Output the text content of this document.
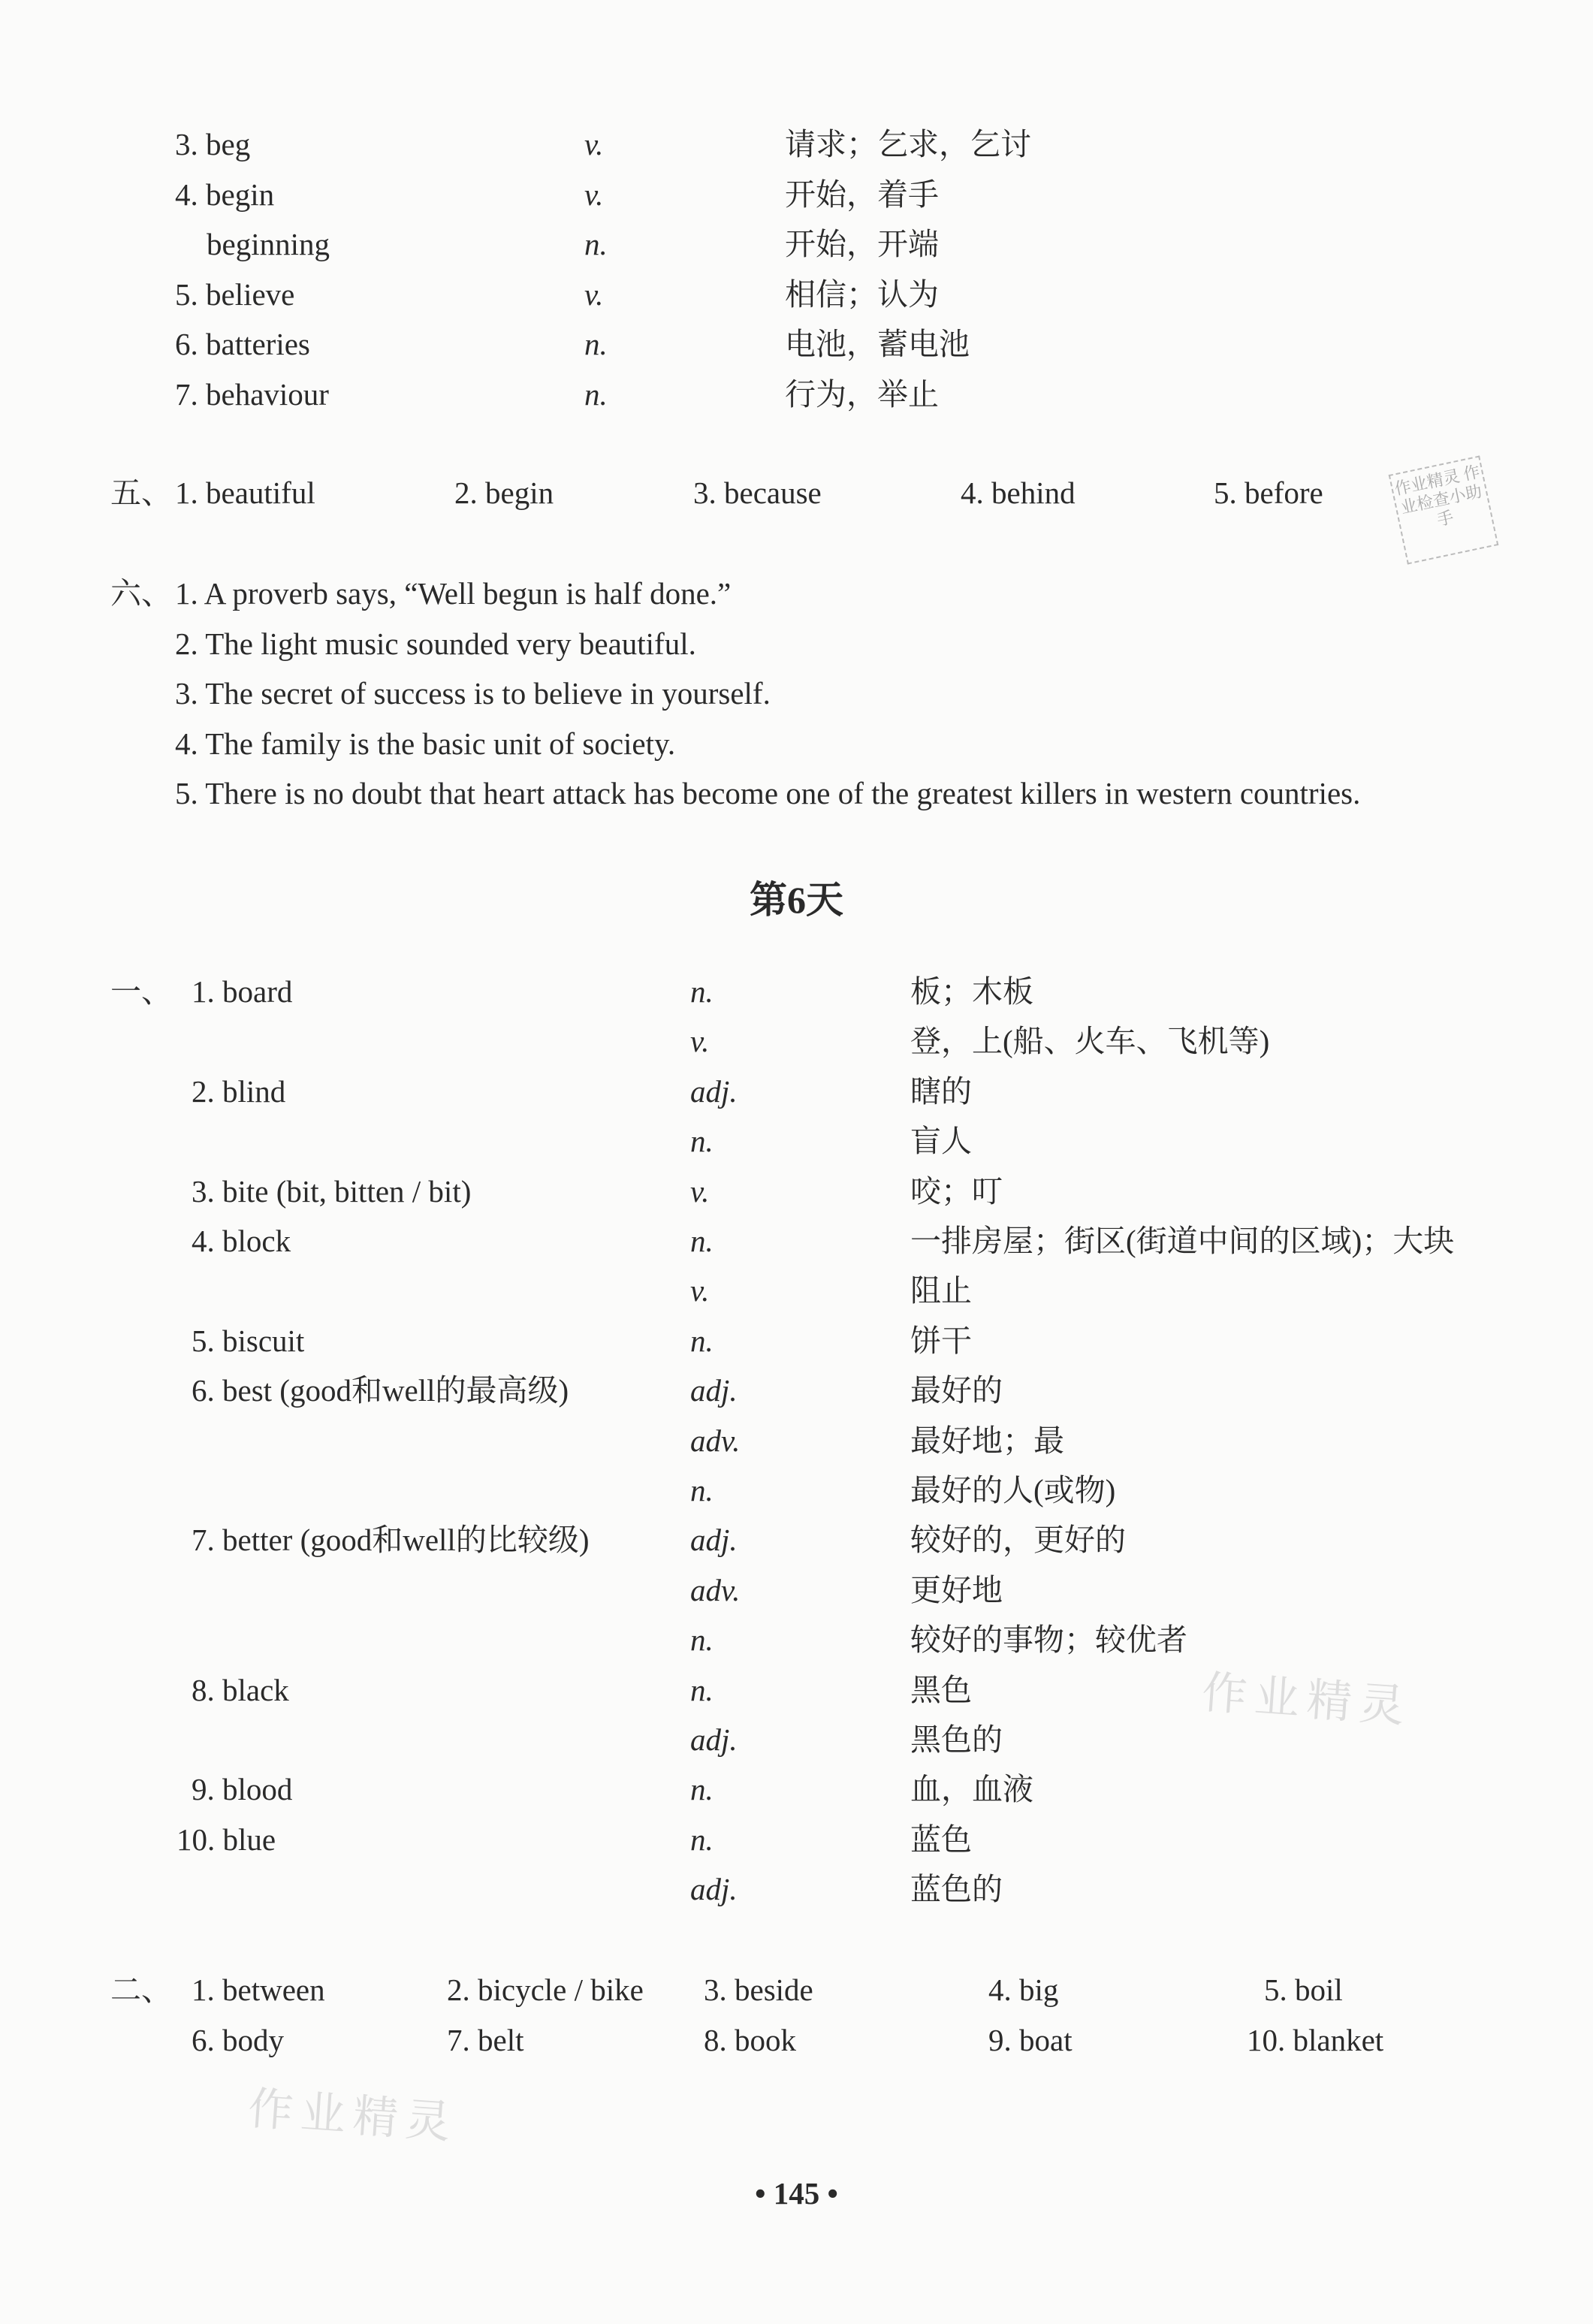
3. beg	v.	请求；乞求，乞讨
4. begin	v.	开始，着手
beginning	n.	开始，开端
5. believe	v.	相信；认为
6. batteries	n.	电池，蓄电池
7. behaviour	n.	行为，举止
五、 1. beautiful	2. begin	3. because	4. behind	5. before
六、 1. A proverb says, “Well begun is half done.”
2. The light music sounded very beautiful.
3. The secret of success is to believe in yourself.
4. The family is the basic unit of society.
5. There is no doubt that heart attack has become one of the greatest killers in western countries.
第6天
一、 1. board	n.	板；木板
v.	登，上(船、火车、飞机等)
2. blind	adj.	瞎的
n.	盲人
3. bite (bit, bitten / bit)	v.	咬；叮
4. block	n.	一排房屋；街区(街道中间的区域)；大块
v.	阻止
5. biscuit	n.	饼干
6. best (good和well的最高级)	adj.	最好的
adv.	最好地；最
n.	最好的人(或物)
7. better (good和well的比较级)	adj.	较好的，更好的
adv.	更好地
n.	较好的事物；较优者
8. black	n.	黑色
adj.	黑色的
9. blood	n.	血，血液
10. blue	n.	蓝色
adj.	蓝色的
二、 1. between	2. bicycle / bike 3. beside	4. big	5. boil
6. body	7. belt	8. book	9. boat	10. blanket
• 145 •
作业精灵
作业精灵
作业精灵 作业检查小助手
